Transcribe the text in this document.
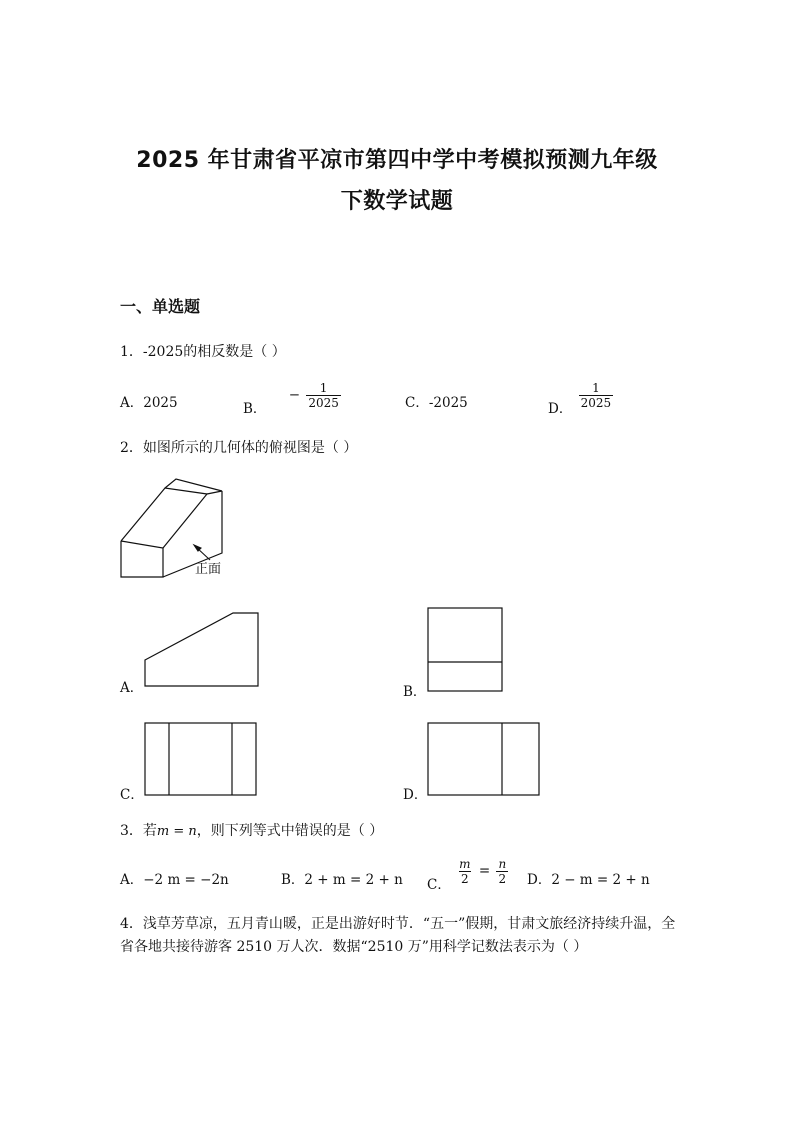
2025 年甘肃省平凉市第四中学中考模拟预测九年级
下数学试题
一、单选题
1．-2025的相反数是（ ）
A．2025	B． − $\frac{1}{2025}$	C．-2025	D． $\frac{1}{2025}$
2．如图所示的几何体的俯视图是（ ）
正面
A．	B．
C．	D．
3．若m = n，则下列等式中错误的是（ ）
A．−2 m = −2n	B．2 + m = 2 + n C． $\frac{m}{2} = \frac{n}{2}$ D．2 − m = 2 + n
4．浅草芳草凉，五月青山暖，正是出游好时节．“五一”假期，甘肃文旅经济持续升温，全省各地共接待游客 2510 万人次．数据“2510 万”用科学记数法表示为（ ）
